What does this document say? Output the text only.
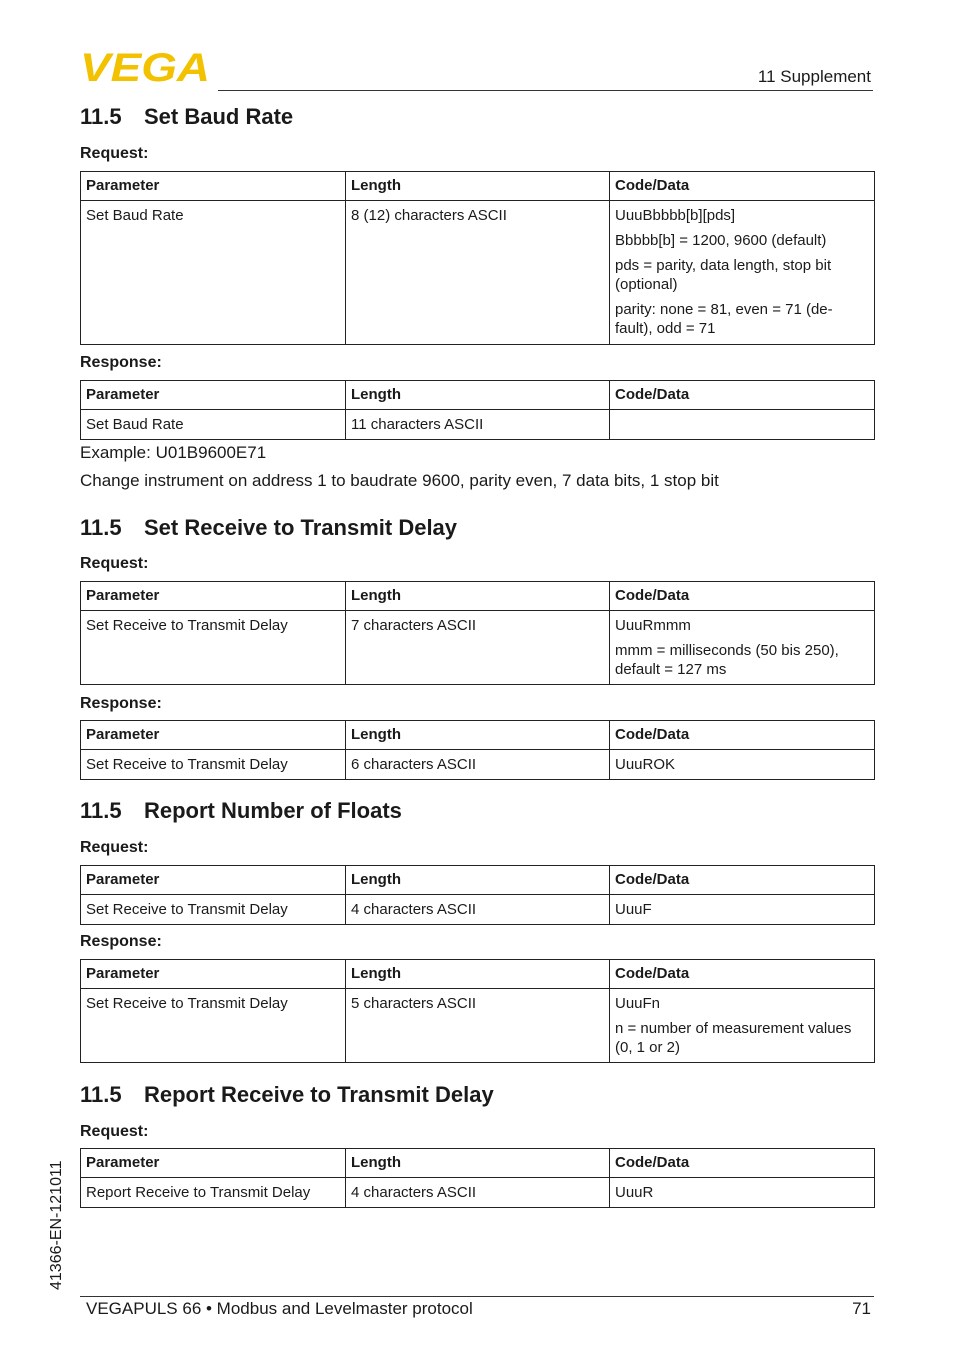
VEGA	11 Supplement
11.5 Set Baud Rate
Request:
Parameter	Length	Code/Data
Set Baud Rate	8 (12) characters ASCII	UuuBbbbb[b][pds]
Bbbbb[b] = 1200, 9600 (default)
pds = parity, data length, stop bit (optional)
parity: none = 81, even = 71 (de-fault), odd = 71
Response:
Parameter	Length	Code/Data
Set Baud Rate	11 characters ASCII	
Example: U01B9600E71
Change instrument on address 1 to baudrate 9600, parity even, 7 data bits, 1 stop bit
11.5 Set Receive to Transmit Delay
Request:
Parameter	Length	Code/Data
Set Receive to Transmit Delay	7 characters ASCII	UuuRmmm
mmm = milliseconds (50 bis 250), default = 127 ms
Response:
Parameter	Length	Code/Data
Set Receive to Transmit Delay	6 characters ASCII	UuuROK
11.5 Report Number of Floats
Request:
Parameter	Length	Code/Data
Set Receive to Transmit Delay	4 characters ASCII	UuuF
Response:
Parameter	Length	Code/Data
Set Receive to Transmit Delay	5 characters ASCII	UuuFn
n = number of measurement values (0, 1 or 2)
11.5 Report Receive to Transmit Delay
Request:
Parameter	Length	Code/Data
Report Receive to Transmit Delay	4 characters ASCII	UuuR
41366-EN-121011
VEGAPULS 66 • Modbus and Levelmaster protocol	71
